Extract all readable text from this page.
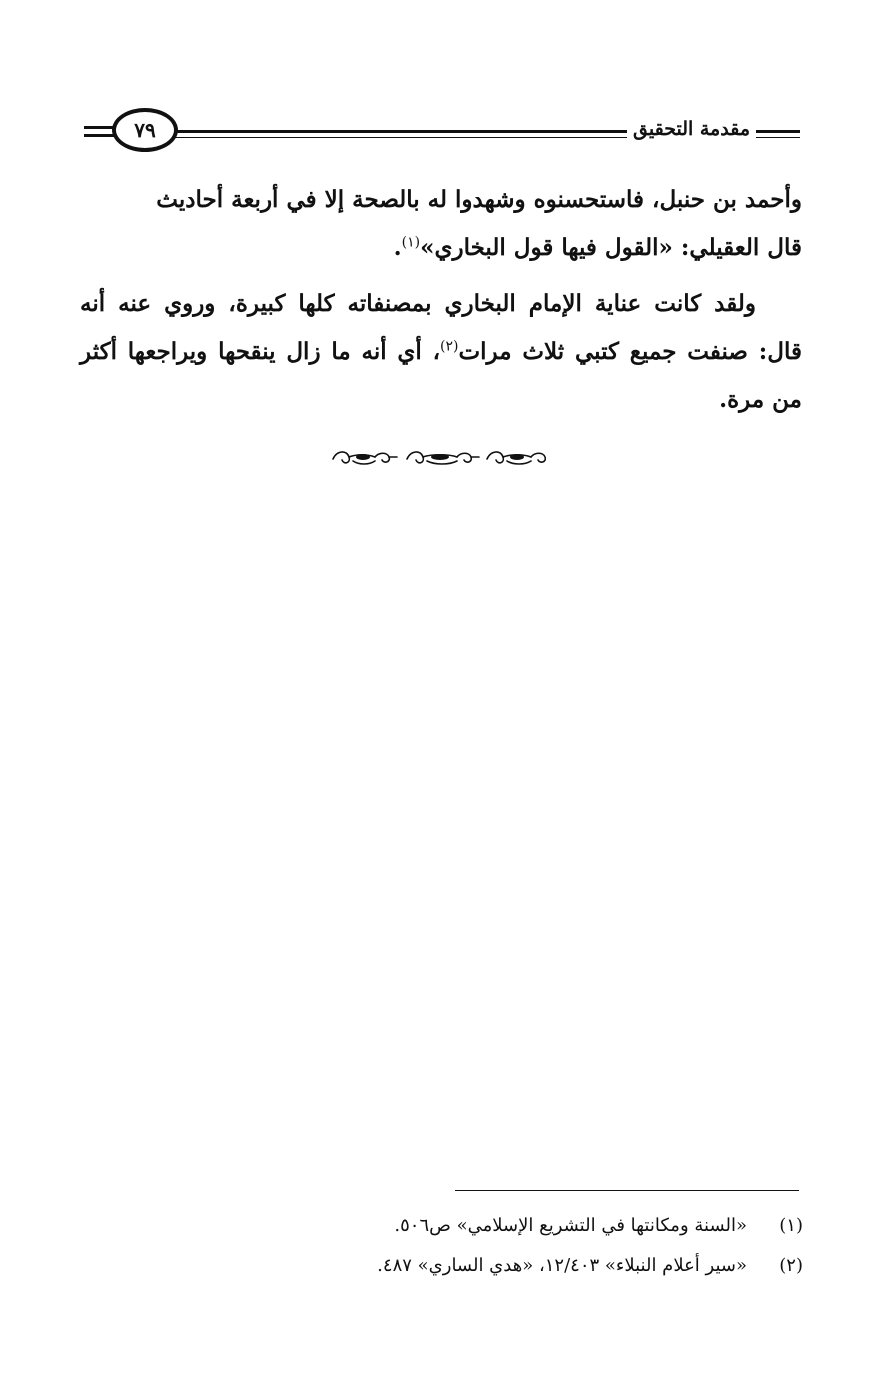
مقدمة التحقيق
٧٩

وأحمد بن حنبل، فاستحسنوه وشهدوا له بالصحة إلا في أربعة أحاديث
قال العقيلي: «القول فيها قول البخاري»$^{(١)}$.

ولقد كانت عناية الإمام البخاري بمصنفاته كلها كبيرة، وروي عنه أنه قال: صنفت جميع كتبي ثلاث مرات$^{(٢)}$، أي أنه ما زال ينقحها ويراجعها أكثر من مرة.

(١)
«السنة ومكانتها في التشريع الإسلامي» ص٥٠٦.
(٢)
«سير أعلام النبلاء» ١٢/٤٠٣، «هدي الساري» ٤٨٧.
